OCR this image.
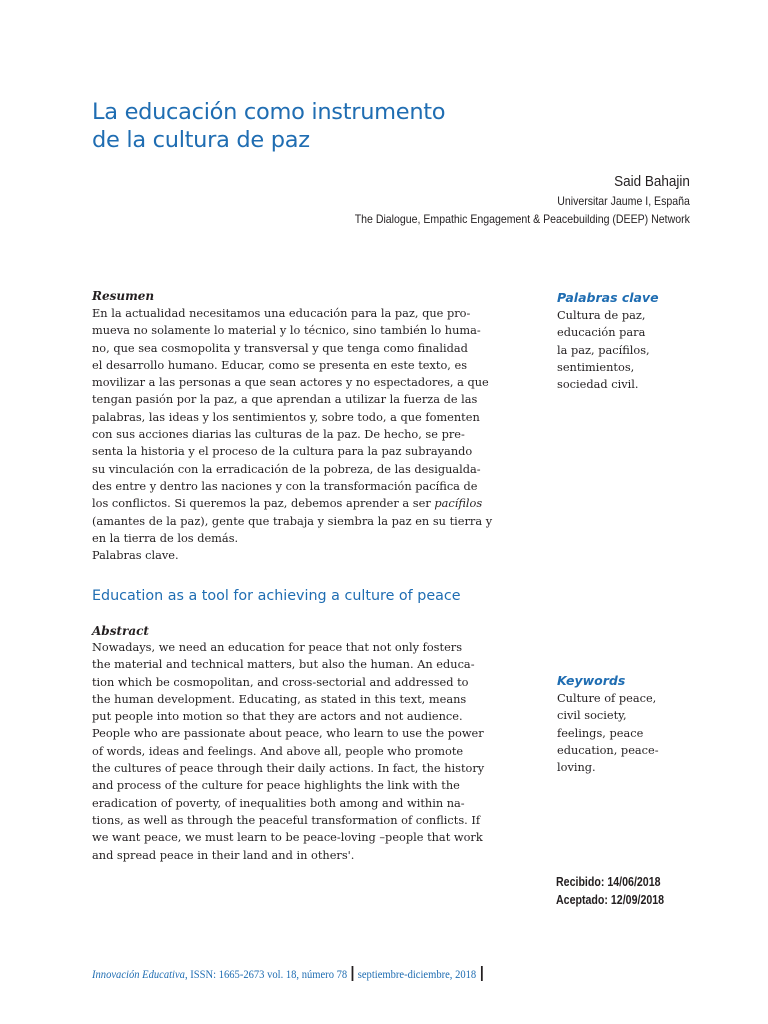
La educación como instrumento
de la cultura de paz
Said Bahajin
Universitar Jaume I, España
The Dialogue, Empathic Engagement & Peacebuilding (DEEP) Network
Resumen

En la actualidad necesitamos una educación para la paz, que pro-

mueva no solamente lo material y lo técnico, sino también lo huma-

no, que sea cosmopolita y transversal y que tenga como finalidad

el desarrollo humano. Educar, como se presenta en este texto, es

movilizar a las personas a que sean actores y no espectadores, a que

tengan pasión por la paz, a que aprendan a utilizar la fuerza de las

palabras, las ideas y los sentimientos y, sobre todo, a que fomenten

con sus acciones diarias las culturas de la paz. De hecho, se pre-

senta la historia y el proceso de la cultura para la paz subrayando

su vinculación con la erradicación de la pobreza, de las desigualda-

des entre y dentro las naciones y con la transformación pacífica de

los conflictos. Si queremos la paz, debemos aprender a ser pacífilos

(amantes de la paz), gente que trabaja y siembra la paz en su tierra y

en la tierra de los demás.

Palabras clave.

Palabras clave
Cultura de paz,
educación para
la paz, pacífilos,
sentimientos,
sociedad civil.
Education as a tool for achieving a culture of peace
Abstract

Nowadays, we need an education for peace that not only fosters

the material and technical matters, but also the human. An educa-

tion which be cosmopolitan, and cross-sectorial and addressed to

the human development. Educating, as stated in this text, means

put people into motion so that they are actors and not audience.

People who are passionate about peace, who learn to use the power

of words, ideas and feelings. And above all, people who promote

the cultures of peace through their daily actions. In fact, the history

and process of the culture for peace highlights the link with the

eradication of poverty, of inequalities both among and within na-

tions, as well as through the peaceful transformation of conflicts. If

we want peace, we must learn to be peace-loving –people that work

and spread peace in their land and in others'.

Keywords
Culture of peace,
civil society,
feelings, peace
education, peace-
loving.
Recibido: 14/06/2018
Aceptado: 12/09/2018
Innovación Educativa, ISSN: 1665-2673 vol. 18, número 78 septiembre-diciembre, 2018
